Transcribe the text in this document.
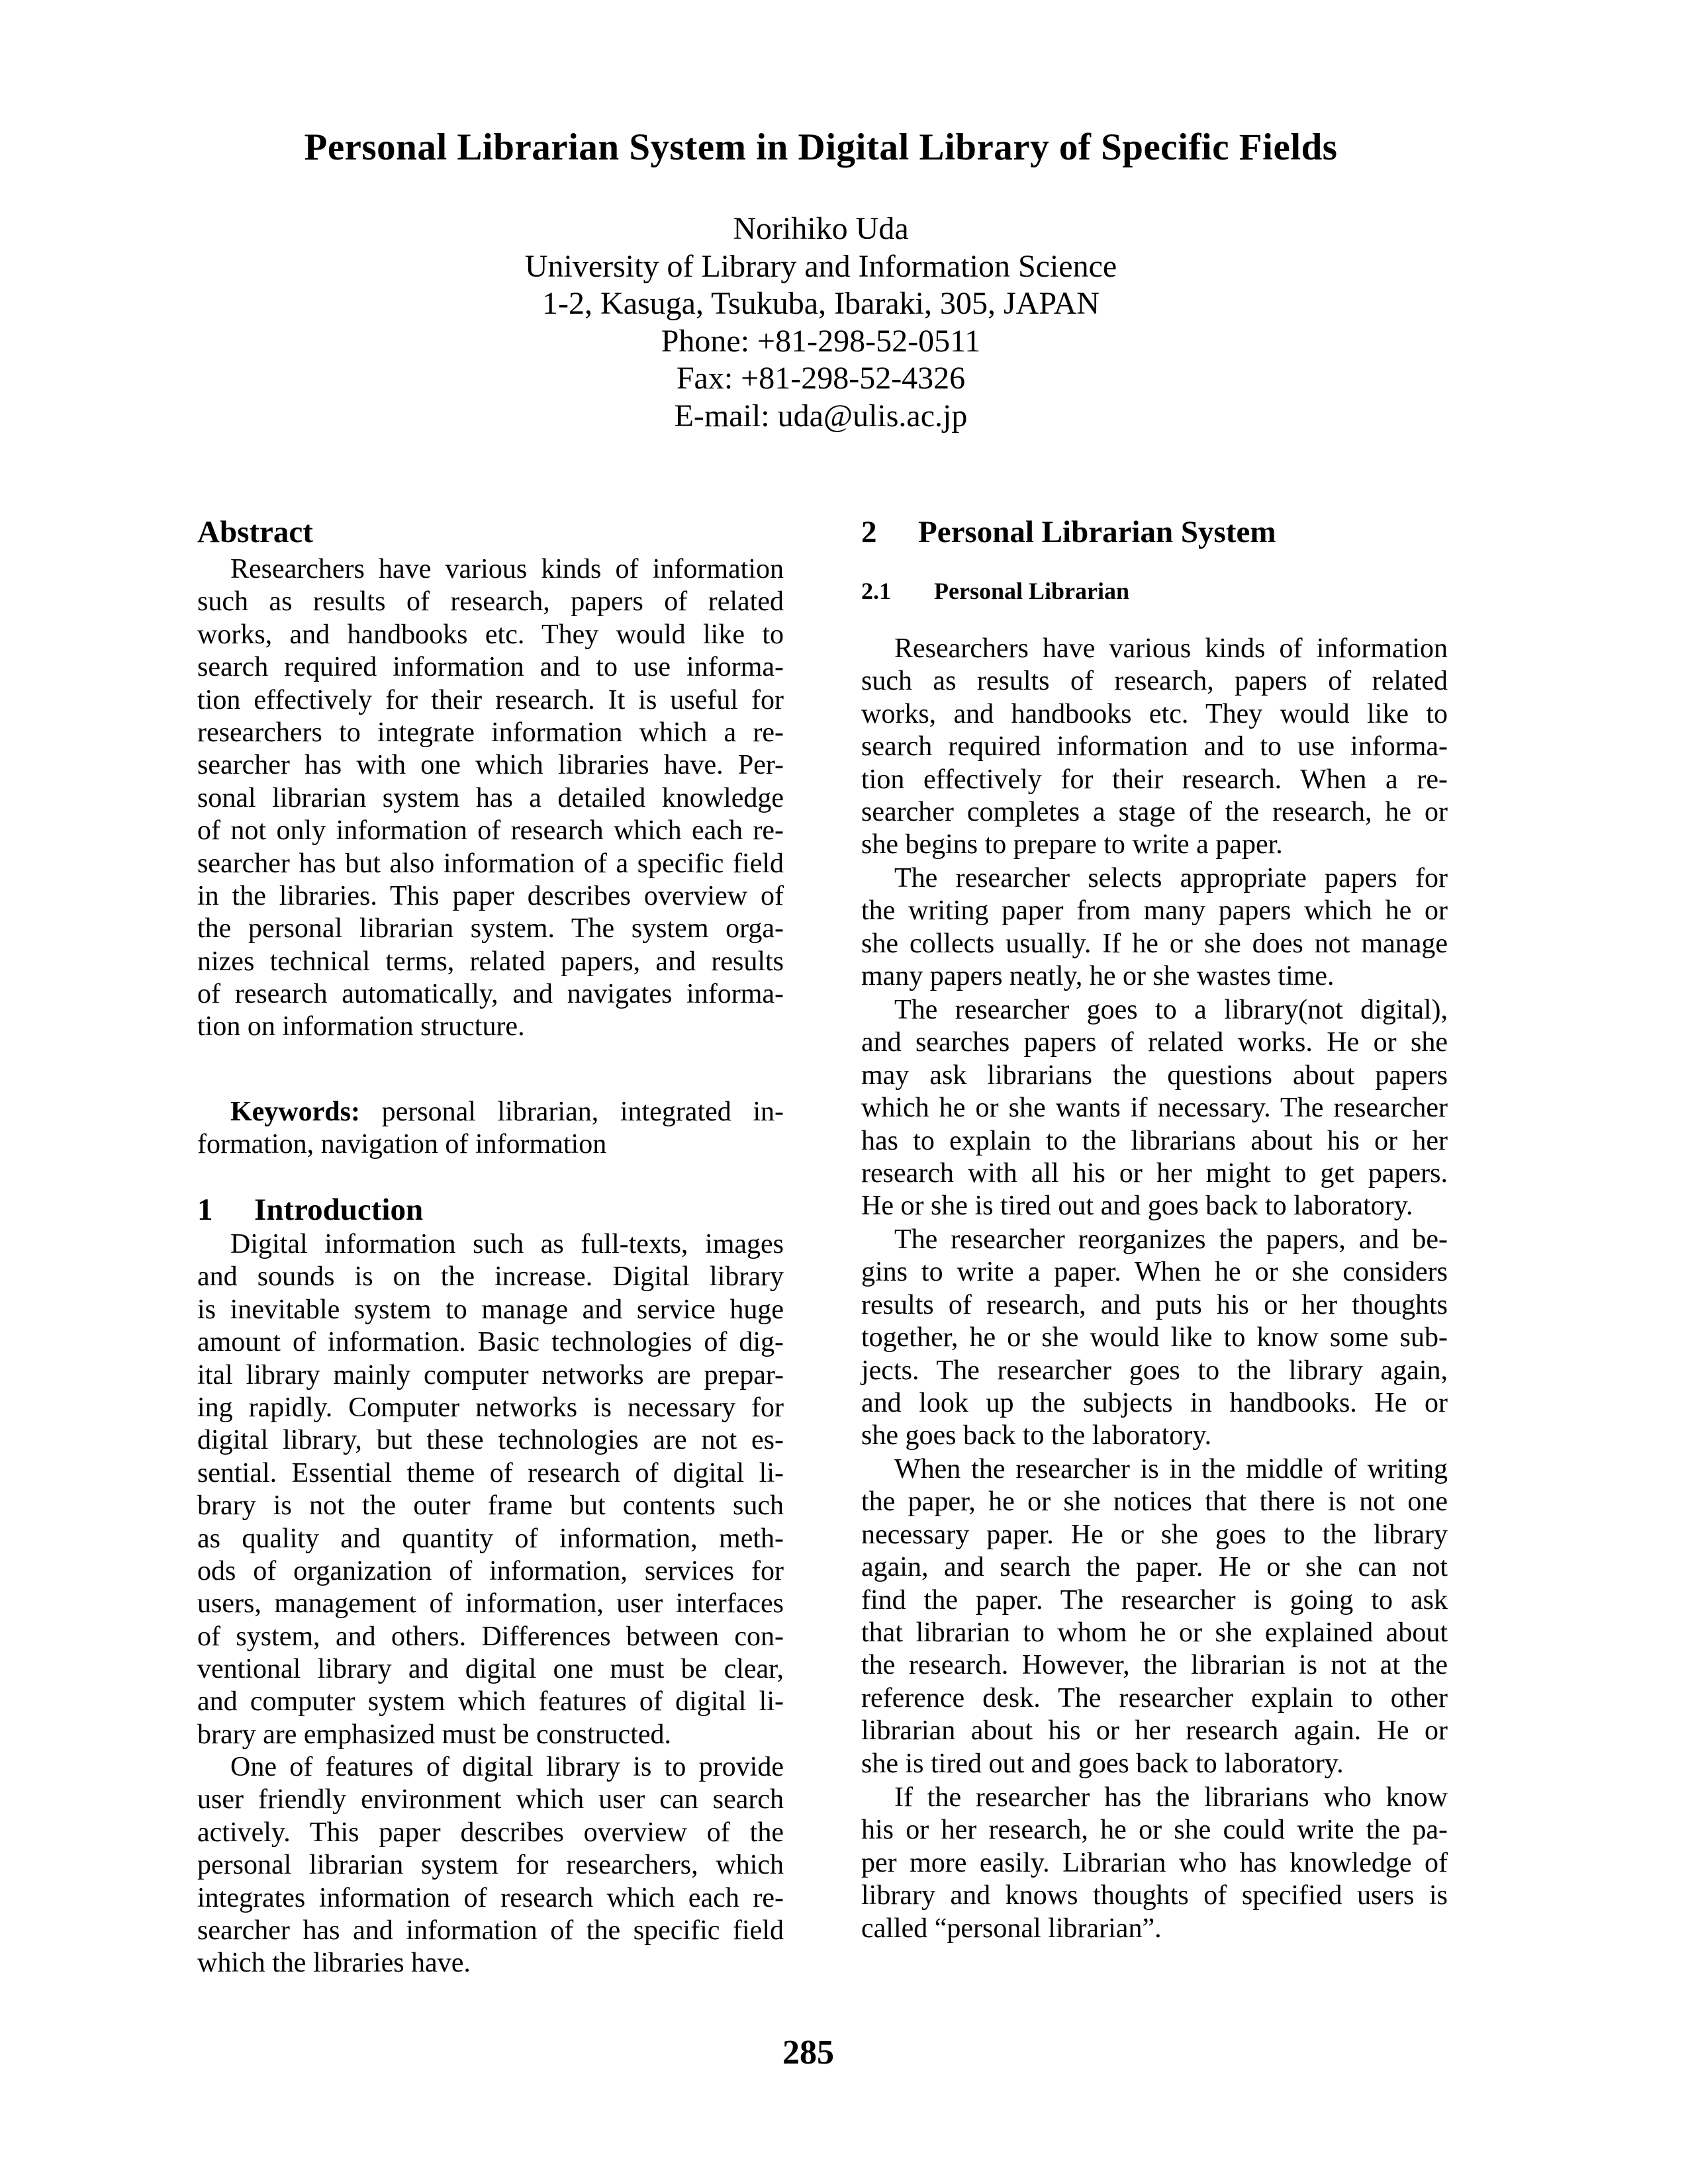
Personal Librarian System in Digital Library of Specific Fields
Norihiko Uda
University of Library and Information Science
1-2, Kasuga, Tsukuba, Ibaraki, 305, JAPAN
Phone: +81-298-52-0511
Fax: +81-298-52-4326
E-mail: uda@ulis.ac.jp
Abstract
Researchers have various kinds of information
such as results of research, papers of related
works, and handbooks etc. They would like to
search required information and to use informa-
tion effectively for their research. It is useful for
researchers to integrate information which a re-
searcher has with one which libraries have. Per-
sonal librarian system has a detailed knowledge
of not only information of research which each re-
searcher has but also information of a specific field
in the libraries. This paper describes overview of
the personal librarian system. The system orga-
nizes technical terms, related papers, and results
of research automatically, and navigates informa-
tion on information structure.
Keywords: personal librarian, integrated in-
formation, navigation of information
1 Introduction
Digital information such as full-texts, images
and sounds is on the increase. Digital library
is inevitable system to manage and service huge
amount of information. Basic technologies of dig-
ital library mainly computer networks are prepar-
ing rapidly. Computer networks is necessary for
digital library, but these technologies are not es-
sential. Essential theme of research of digital li-
brary is not the outer frame but contents such
as quality and quantity of information, meth-
ods of organization of information, services for
users, management of information, user interfaces
of system, and others. Differences between con-
ventional library and digital one must be clear,
and computer system which features of digital li-
brary are emphasized must be constructed.
One of features of digital library is to provide
user friendly environment which user can search
actively. This paper describes overview of the
personal librarian system for researchers, which
integrates information of research which each re-
searcher has and information of the specific field
which the libraries have.
2 Personal Librarian System
2.1 Personal Librarian
Researchers have various kinds of information
such as results of research, papers of related
works, and handbooks etc. They would like to
search required information and to use informa-
tion effectively for their research. When a re-
searcher completes a stage of the research, he or
she begins to prepare to write a paper.
The researcher selects appropriate papers for
the writing paper from many papers which he or
she collects usually. If he or she does not manage
many papers neatly, he or she wastes time.
The researcher goes to a library(not digital),
and searches papers of related works. He or she
may ask librarians the questions about papers
which he or she wants if necessary. The researcher
has to explain to the librarians about his or her
research with all his or her might to get papers.
He or she is tired out and goes back to laboratory.
The researcher reorganizes the papers, and be-
gins to write a paper. When he or she considers
results of research, and puts his or her thoughts
together, he or she would like to know some sub-
jects. The researcher goes to the library again,
and look up the subjects in handbooks. He or
she goes back to the laboratory.
When the researcher is in the middle of writing
the paper, he or she notices that there is not one
necessary paper. He or she goes to the library
again, and search the paper. He or she can not
find the paper. The researcher is going to ask
that librarian to whom he or she explained about
the research. However, the librarian is not at the
reference desk. The researcher explain to other
librarian about his or her research again. He or
she is tired out and goes back to laboratory.
If the researcher has the librarians who know
his or her research, he or she could write the pa-
per more easily. Librarian who has knowledge of
library and knows thoughts of specified users is
called “personal librarian”.
285
